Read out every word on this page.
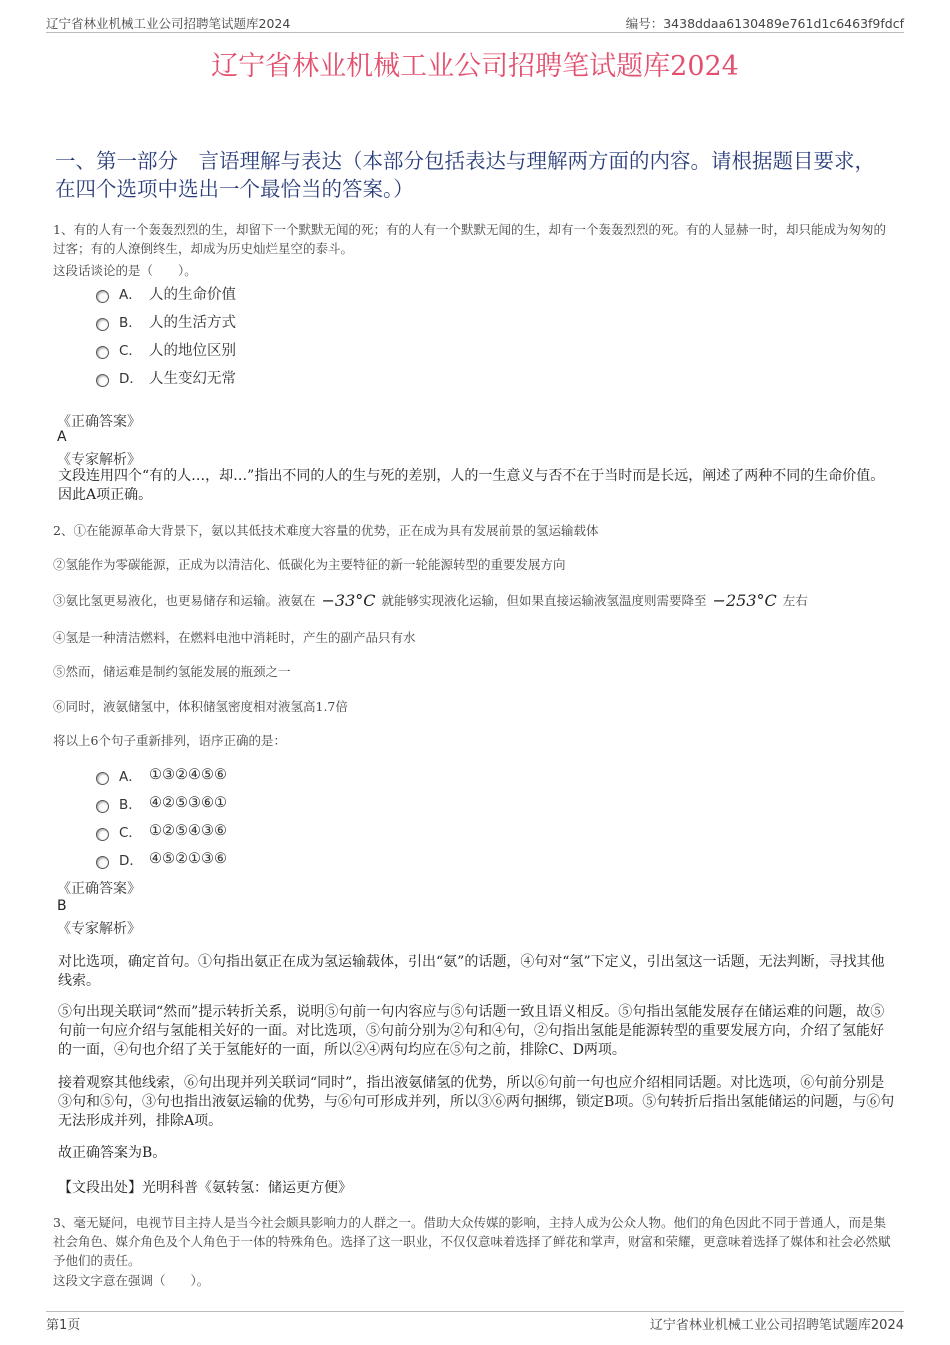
辽宁省林业机械工业公司招聘笔试题库2024	编号：3438ddaa6130489e761d1c6463f9fdcf
辽宁省林业机械工业公司招聘笔试题库2024
一、第一部分　言语理解与表达（本部分包括表达与理解两方面的内容。请根据题目要求，在四个选项中选出一个最恰当的答案。）
1、有的人有一个轰轰烈烈的生，却留下一个默默无闻的死；有的人有一个默默无闻的生，却有一个轰轰烈烈的死。有的人显赫一时，却只能成为匆匆的过客；有的人潦倒终生，却成为历史灿烂星空的泰斗。
这段话谈论的是（　　）。
A． 人的生命价值
B． 人的生活方式
C． 人的地位区别
D． 人生变幻无常
《正确答案》
A
《专家解析》
文段连用四个“有的人…，却…”指出不同的人的生与死的差别，人的一生意义与否不在于当时而是长远，阐述了两种不同的生命价值。因此A项正确。
2、①在能源革命大背景下，氨以其低技术难度大容量的优势，正在成为具有发展前景的氢运输载体
②氢能作为零碳能源，正成为以清洁化、低碳化为主要特征的新一轮能源转型的重要发展方向
③氨比氢更易液化，也更易储存和运输。液氨在 −33°C 就能够实现液化运输，但如果直接运输液氢温度则需要降至 −253°C 左右
④氢是一种清洁燃料，在燃料电池中消耗时，产生的副产品只有水
⑤然而，储运难是制约氢能发展的瓶颈之一
⑥同时，液氨储氢中，体积储氢密度相对液氢高1.7倍
将以上6个句子重新排列，语序正确的是：
A． ①③②④⑤⑥
B． ④②⑤③⑥①
C． ①②⑤④③⑥
D． ④⑤②①③⑥
《正确答案》
B
《专家解析》
对比选项，确定首句。①句指出氨正在成为氢运输载体，引出“氨”的话题，④句对“氢”下定义，引出氢这一话题，无法判断，寻找其他线索。
⑤句出现关联词“然而”提示转折关系，说明⑤句前一句内容应与⑤句话题一致且语义相反。⑤句指出氢能发展存在储运难的问题，故⑤句前一句应介绍与氢能相关好的一面。对比选项，⑤句前分别为②句和④句，②句指出氢能是能源转型的重要发展方向，介绍了氢能好的一面，④句也介绍了关于氢能好的一面，所以②④两句均应在⑤句之前，排除C、D两项。
接着观察其他线索，⑥句出现并列关联词“同时”，指出液氨储氢的优势，所以⑥句前一句也应介绍相同话题。对比选项，⑥句前分别是③句和⑤句，③句也指出液氨运输的优势，与⑥句可形成并列，所以③⑥两句捆绑，锁定B项。⑤句转折后指出氢能储运的问题，与⑥句无法形成并列，排除A项。
故正确答案为B。
【文段出处】光明科普《氨转氢：储运更方便》
3、毫无疑问，电视节目主持人是当今社会颇具影响力的人群之一。借助大众传媒的影响，主持人成为公众人物。他们的角色因此不同于普通人，而是集社会角色、媒介角色及个人角色于一体的特殊角色。选择了这一职业，不仅仅意味着选择了鲜花和掌声，财富和荣耀，更意味着选择了媒体和社会必然赋予他们的责任。
这段文字意在强调（　　）。
第1页	辽宁省林业机械工业公司招聘笔试题库2024
